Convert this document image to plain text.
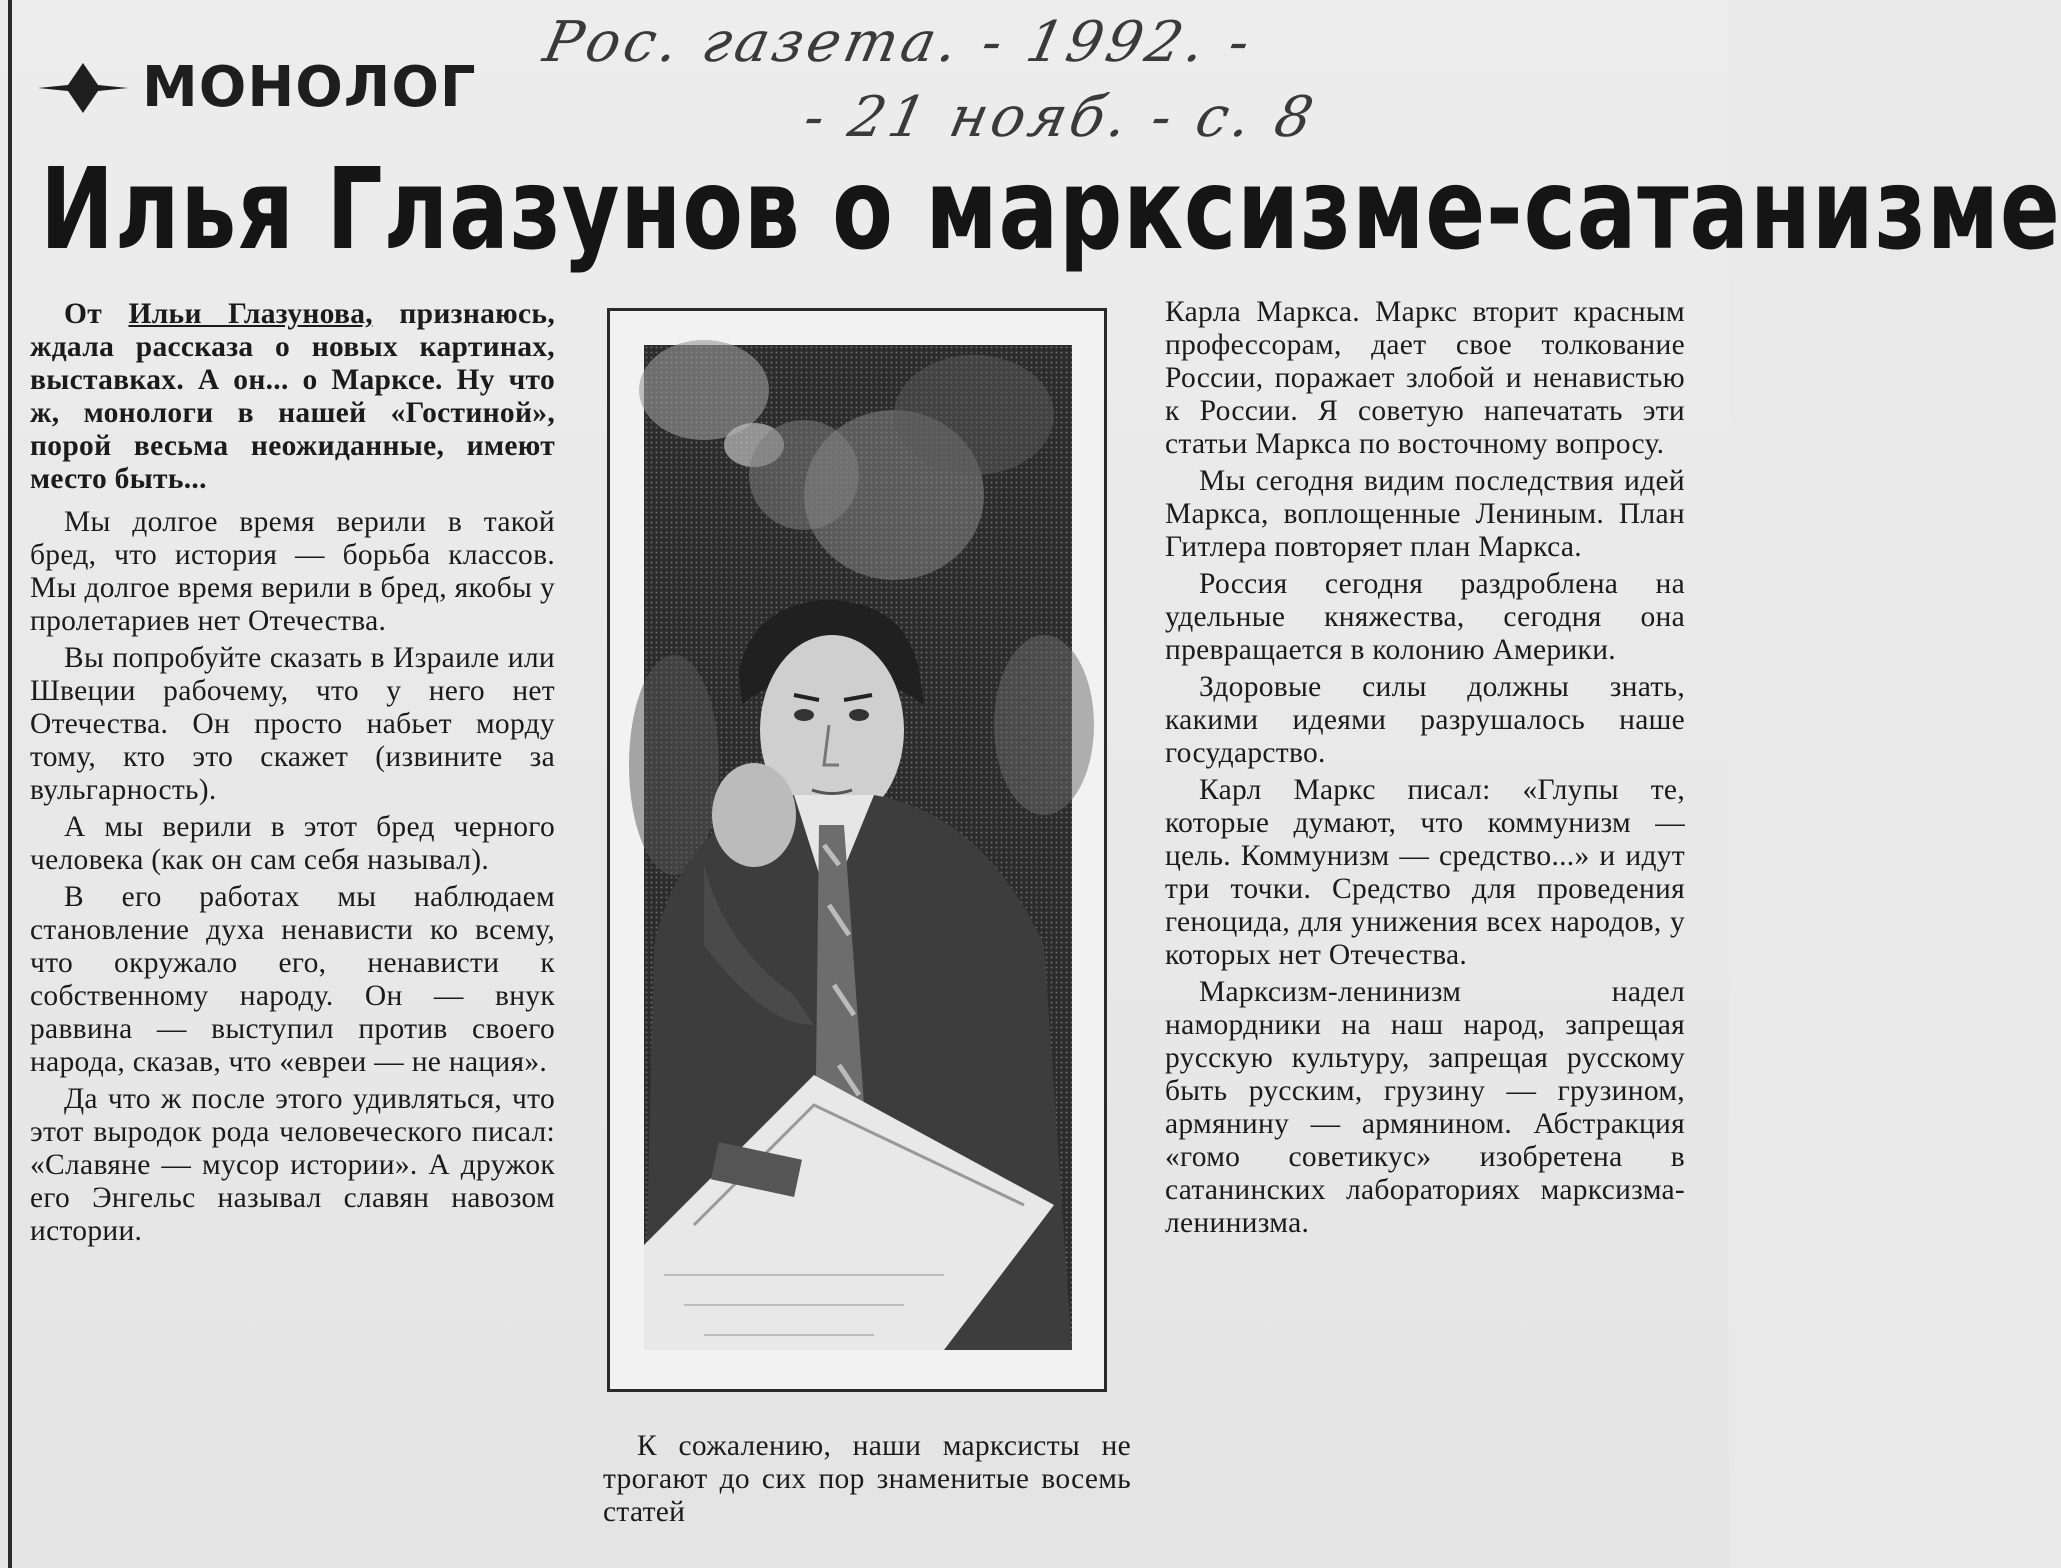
Рос. газета. - 1992. -
- 21 нояб. - с. 8
МОНОЛОГ
Илья Глазунов о марксизме-сатанизме

От Ильи Глазунова, признаюсь, ждала рассказа о новых картинах, выставках. А он... о Марксе. Ну что ж, монологи в нашей «Гостиной», порой весьма неожиданные, имеют место быть...

Мы долгое время верили в такой бред, что история — борьба классов. Мы долгое время верили в бред, якобы у пролетариев нет Отечества.

Вы попробуйте сказать в Израиле или Швеции рабочему, что у него нет Отечества. Он просто набьет морду тому, кто это скажет (извините за вульгарность).

А мы верили в этот бред черного человека (как он сам себя называл).

В его работах мы наблюдаем становление духа ненависти ко всему, что окружало его, ненависти к собственному народу. Он — внук раввина — выступил против своего народа, сказав, что «евреи — не нация».

Да что ж после этого удивляться, что этот выродок рода человеческого писал: «Славяне — мусор истории». А дружок его Энгельс называл славян навозом истории.

К сожалению, наши марксисты не трогают до сих пор знаменитые восемь статей

Карла Маркса. Маркс вторит красным профессорам, дает свое толкование России, поражает злобой и ненавистью к России. Я советую напечатать эти статьи Маркса по восточному вопросу.

Мы сегодня видим последствия идей Маркса, воплощенные Лениным. План Гитлера повторяет план Маркса.

Россия сегодня раздроблена на удельные княжества, сегодня она превращается в колонию Америки.

Здоровые силы должны знать, какими идеями разрушалось наше государство.

Карл Маркс писал: «Глупы те, которые думают, что коммунизм — цель. Коммунизм — средство...» и идут три точки. Средство для проведения геноцида, для унижения всех народов, у которых нет Отечества.

Марксизм-ленинизм надел намордники на наш народ, запрещая русскую культуру, запрещая русскому быть русским, грузину — грузином, армянину — армянином. Абстракция «гомо советикус» изобретена в сатанинских лабораториях марксизма-ленинизма.
